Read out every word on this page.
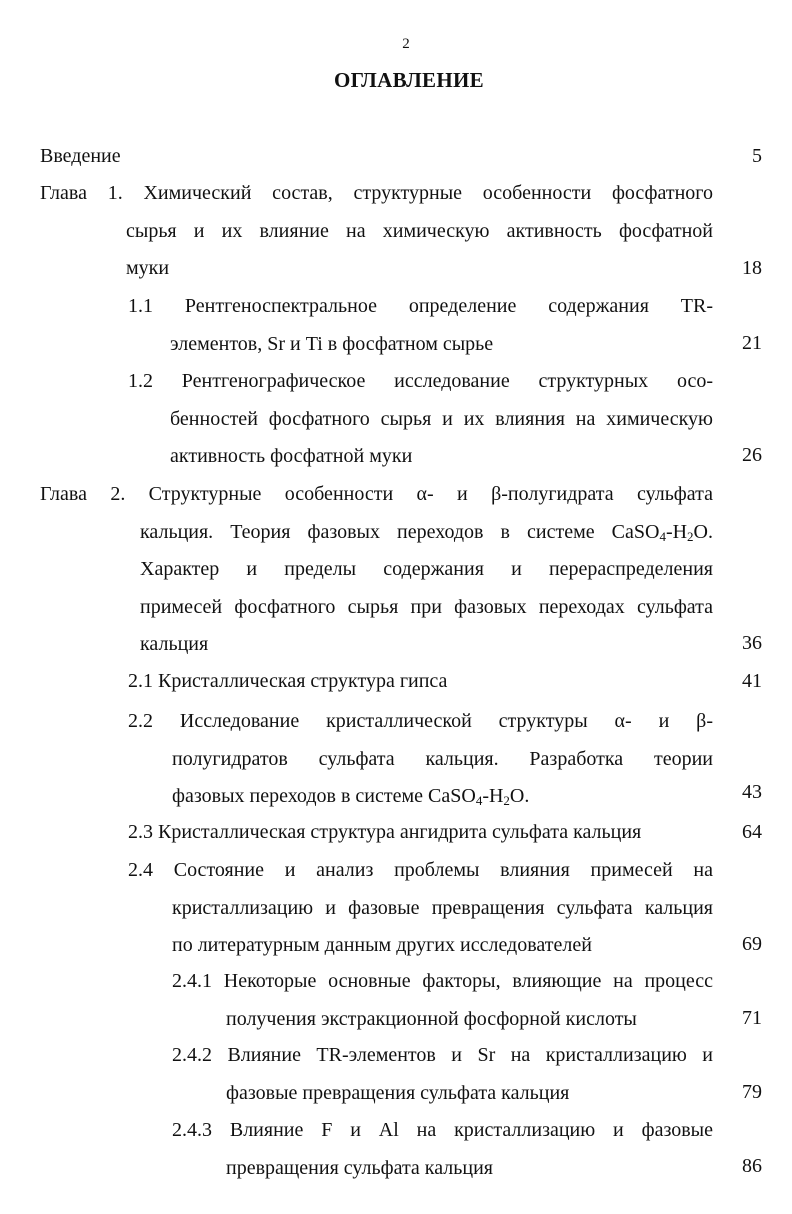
2
ОГЛАВЛЕНИЕ
Введение	5
Глава 1. Химический состав, структурные особенности фосфатного
сырья и их влияние на химическую активность фосфатной
муки	18
1.1 Рентгеноспектральное определение содержания TR-
элементов, Sr и Ti в фосфатном сырье	21
1.2 Рентгенографическое исследование структурных осо-
бенностей фосфатного сырья и их влияния на химическую
активность фосфатной муки	26
Глава 2. Структурные особенности α- и β-полугидрата сульфата
кальция. Теория фазовых переходов в системе $CaSO_4-H_2O$.
Характер и пределы содержания и перераспределения
примесей фосфатного сырья при фазовых переходах сульфата
кальция	36
2.1 Кристаллическая структура гипса	41
2.2 Исследование кристаллической структуры α- и β-
полугидратов сульфата кальция. Разработка теории
фазовых переходов в системе $CaSO_4-H_2O$.	43
2.3 Кристаллическая структура ангидрита сульфата кальция	64
2.4 Состояние и анализ проблемы влияния примесей на
кристаллизацию и фазовые превращения сульфата кальция
по литературным данным других исследователей	69
2.4.1 Некоторые основные факторы, влияющие на процесс
получения экстракционной фосфорной кислоты	71
2.4.2 Влияние TR-элементов и Sr на кристаллизацию и
фазовые превращения сульфата кальция	79
2.4.3 Влияние F и Al на кристаллизацию и фазовые
превращения сульфата кальция	86
